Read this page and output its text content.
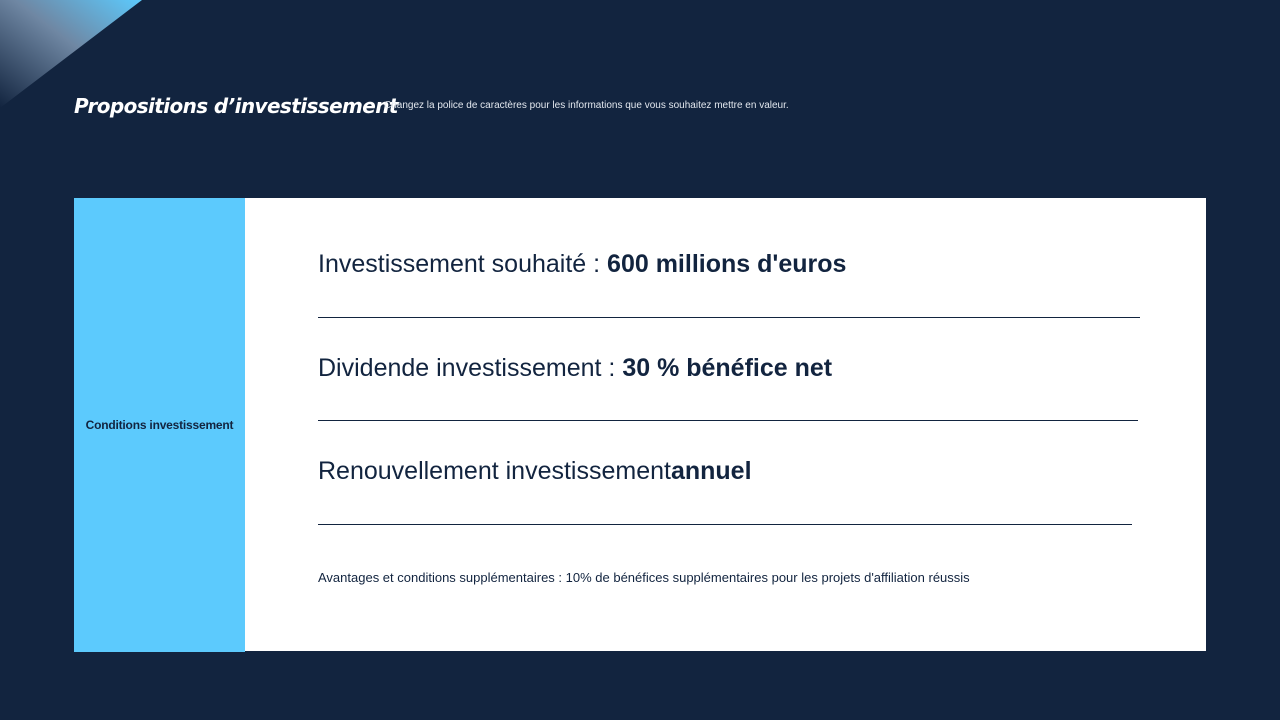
Propositions d’investissement
Changez la police de caractères pour les informations que vous souhaitez mettre en valeur.
Conditions investissement
Investissement souhaité : 600 millions d'euros
Dividende investissement : 30 % bénéfice net
Renouvellement investissementannuel
Avantages et conditions supplémentaires : 10% de bénéfices supplémentaires pour les projets d'affiliation réussis
